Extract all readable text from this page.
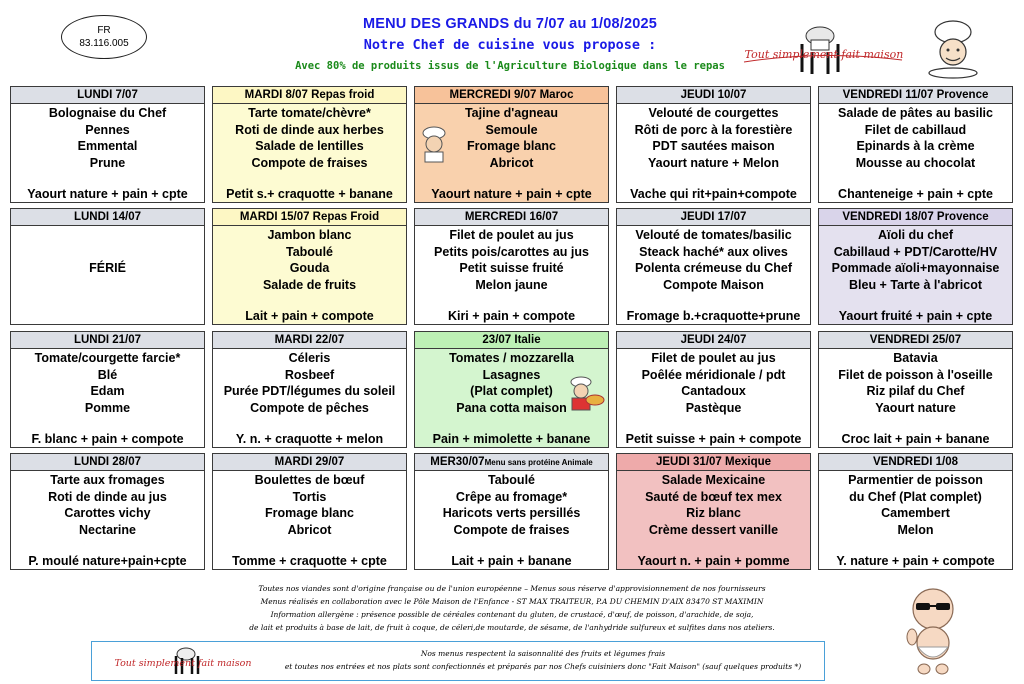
FR
83.116.005
MENU DES GRANDS du 7/07 au 1/08/2025
Notre Chef de cuisine vous propose :
Avec 80% de produits issus de l'Agriculture Biologique dans le repas
Tout simplement fait maison
LUNDI 7/07
Bolognaise du Chef
Pennes
Emmental
Prune
Yaourt nature + pain + cpte
MARDI 8/07 Repas froid
Tarte tomate/chèvre*
Roti de dinde aux herbes
Salade de lentilles
Compote de fraises
Petit s.+ craquotte + banane
MERCREDI 9/07 Maroc
Tajine d'agneau
Semoule
Fromage blanc
Abricot
Yaourt nature + pain + cpte
JEUDI 10/07
Velouté de courgettes
Rôti de porc à la forestière
PDT sautées maison
Yaourt nature + Melon
Vache qui rit+pain+compote
VENDREDI 11/07 Provence
Salade de pâtes au basilic
Filet de cabillaud
Epinards à la crème
Mousse au chocolat
Chanteneige + pain + cpte
LUNDI 14/07
FÉRIÉ
MARDI 15/07 Repas Froid
Jambon blanc
Taboulé
Gouda
Salade de fruits
Lait + pain + compote
MERCREDI 16/07
Filet de poulet au jus
Petits pois/carottes au jus
Petit suisse fruité
Melon jaune
Kiri + pain + compote
JEUDI 17/07
Velouté de tomates/basilic
Steack haché* aux olives
Polenta crémeuse du Chef
Compote Maison
Fromage b.+craquotte+prune
VENDREDI 18/07 Provence
Aïoli du chef
Cabillaud + PDT/Carotte/HV
Pommade aïoli+mayonnaise
Bleu + Tarte à l'abricot
Yaourt fruité + pain + cpte
LUNDI 21/07
Tomate/courgette farcie*
Blé
Edam
Pomme
F. blanc + pain + compote
MARDI 22/07
Céleris
Rosbeef
Purée PDT/légumes du soleil
Compote de pêches
Y. n. + craquotte + melon
23/07 Italie
Tomates / mozzarella
Lasagnes
(Plat complet)
Pana cotta maison
Pain + mimolette + banane
JEUDI 24/07
Filet de poulet au jus
Poêlée méridionale / pdt
Cantadoux
Pastèque
Petit suisse + pain + compote
VENDREDI 25/07
Batavia
Filet de poisson à l'oseille
Riz pilaf du Chef
Yaourt nature
Croc lait + pain + banane
LUNDI 28/07
Tarte aux fromages
Roti de dinde au jus
Carottes vichy
Nectarine
P. moulé nature+pain+cpte
MARDI 29/07
Boulettes de bœuf
Tortis
Fromage blanc
Abricot
Tomme + craquotte + cpte
MER30/07Menu sans protéine Animale
Taboulé
Crêpe au fromage*
Haricots verts persillés
Compote de fraises
Lait + pain + banane
JEUDI 31/07 Mexique
Salade Mexicaine
Sauté de bœuf tex mex
Riz blanc
Crème dessert vanille
Yaourt n. + pain + pomme
VENDREDI 1/08
Parmentier de poisson
du Chef (Plat complet)
Camembert
Melon
Y. nature + pain + compote
Toutes nos viandes sont d'origine française ou de l'union européenne – Menus sous réserve d'approvisionnement de nos fournisseurs
Menus réalisés en collaboration avec le Pôle Maison de l'Enfance - ST MAX TRAITEUR, P.A DU CHEMIN D'AIX 83470 ST MAXIMIN
Information allergène : présence possible de céréales contenant du gluten, de crustacé, d'œuf, de poisson, d'arachide, de soja,
de lait et produits à base de lait, de fruit à coque, de céleri,de moutarde, de sésame, de l'anhydride sulfureux et sulfites dans nos ateliers.
Tout simplement fait maison
Nos menus respectent la saisonnalité des fruits et légumes frais
et toutes nos entrées et nos plats sont confectionnés et préparés par nos Chefs cuisiniers donc "Fait Maison" (sauf quelques produits *)
